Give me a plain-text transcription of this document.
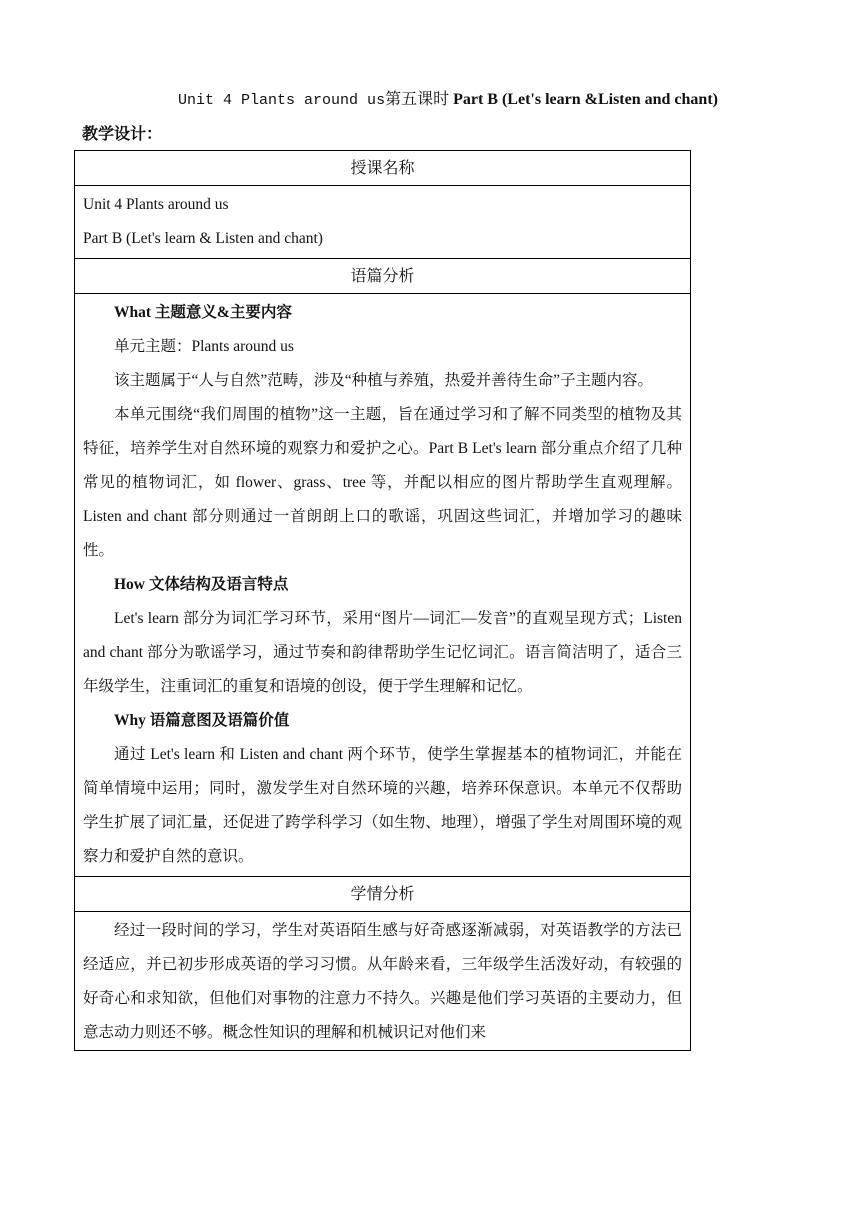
Unit 4 Plants around us第五课时 Part B (Let's learn &Listen and chant)
教学设计：
授课名称

Unit 4 Plants around us

Part B (Let's learn & Listen and chant)

语篇分析

What 主题意义&主要内容

单元主题：Plants around us

该主题属于“人与自然”范畴，涉及“种植与养殖，热爱并善待生命”子主题内容。

本单元围绕“我们周围的植物”这一主题，旨在通过学习和了解不同类型的植物及其特征，培养学生对自然环境的观察力和爱护之心。Part B Let's learn 部分重点介绍了几种常见的植物词汇，如 flower、grass、tree 等，并配以相应的图片帮助学生直观理解。Listen and chant 部分则通过一首朗朗上口的歌谣，巩固这些词汇，并增加学习的趣味性。

How 文体结构及语言特点

Let's learn 部分为词汇学习环节，采用“图片—词汇—发音”的直观呈现方式；Listen and chant 部分为歌谣学习，通过节奏和韵律帮助学生记忆词汇。语言简洁明了，适合三年级学生，注重词汇的重复和语境的创设，便于学生理解和记忆。

Why 语篇意图及语篇价值

通过 Let's learn 和 Listen and chant 两个环节，使学生掌握基本的植物词汇，并能在简单情境中运用；同时，激发学生对自然环境的兴趣，培养环保意识。本单元不仅帮助学生扩展了词汇量，还促进了跨学科学习（如生物、地理），增强了学生对周围环境的观察力和爱护自然的意识。

学情分析

经过一段时间的学习，学生对英语陌生感与好奇感逐渐减弱，对英语教学的方法已经适应，并已初步形成英语的学习习惯。从年龄来看，三年级学生活泼好动，有较强的好奇心和求知欲，但他们对事物的注意力不持久。兴趣是他们学习英语的主要动力，但意志动力则还不够。概念性知识的理解和机械识记对他们来
